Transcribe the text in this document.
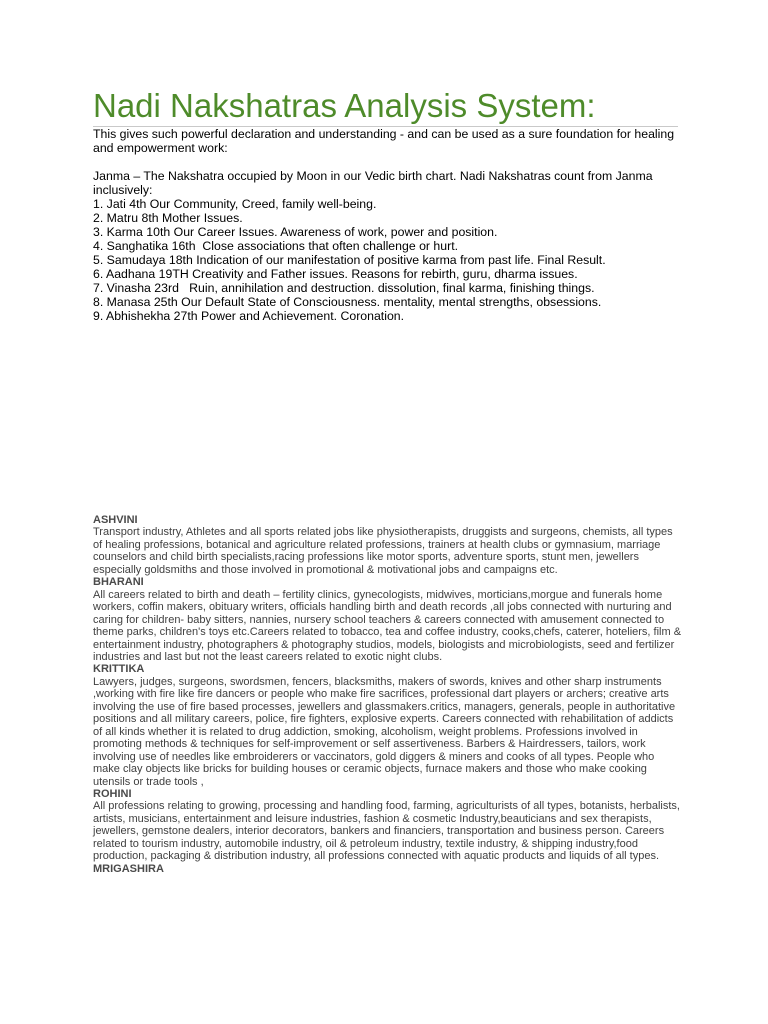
Nadi Nakshatras Analysis System:

This gives such powerful declaration and understanding - and can be used as a sure foundation for healing and empowerment work:

Janma – The Nakshatra occupied by Moon in our Vedic birth chart. Nadi Nakshatras count from Janma inclusively:

1. Jati 4th Our Community, Creed, family well-being.
2. Matru 8th Mother Issues.
3. Karma 10th Our Career Issues. Awareness of work, power and position.
4. Sanghatika 16th  Close associations that often challenge or hurt.
5. Samudaya 18th Indication of our manifestation of positive karma from past life. Final Result.
6. Aadhana 19TH Creativity and Father issues. Reasons for rebirth, guru, dharma issues.
7. Vinasha 23rd   Ruin, annihilation and destruction. dissolution, final karma, finishing things.
8. Manasa 25th Our Default State of Consciousness. mentality, mental strengths, obsessions.
9. Abhishekha 27th Power and Achievement. Coronation.

ASHVINI

Transport industry, Athletes and all sports related jobs like physiotherapists, druggists and surgeons, chemists, all types of healing professions, botanical and agriculture related professions, trainers at health clubs or gymnasium, marriage counselors and child birth specialists,racing professions like motor sports, adventure sports, stunt men, jewellers especially goldsmiths and those involved in promotional & motivational jobs and campaigns etc.

BHARANI

All careers related to birth and death – fertility clinics, gynecologists, midwives, morticians,morgue and funerals home workers, coffin makers, obituary writers, officials handling birth and death records ,all jobs connected with nurturing and caring for children- baby sitters, nannies, nursery school teachers & careers connected with amusement connected to theme parks, children's toys etc.Careers related to tobacco, tea and coffee industry, cooks,chefs, caterer, hoteliers, film & entertainment industry, photographers & photography studios, models, biologists and microbiologists, seed and fertilizer industries and last but not the least careers related to exotic night clubs.

KRITTIKA

Lawyers, judges, surgeons, swordsmen, fencers, blacksmiths, makers of swords, knives and other sharp instruments ,working with fire like fire dancers or people who make fire sacrifices, professional dart players or archers; creative arts involving the use of fire based processes, jewellers and glassmakers.critics, managers, generals, people in authoritative positions and all military careers, police, fire fighters, explosive experts. Careers connected with rehabilitation of addicts of all kinds whether it is related to drug addiction, smoking, alcoholism, weight problems. Professions involved in promoting methods & techniques for self-improvement or self assertiveness. Barbers & Hairdressers, tailors, work involving use of needles like embroiderers or vaccinators, gold diggers & miners and cooks of all types. People who make clay objects like bricks for building houses or ceramic objects, furnace makers and those who make cooking utensils or trade tools ,

ROHINI

All professions relating to growing, processing and handling food, farming, agriculturists of all types, botanists, herbalists, artists, musicians, entertainment and leisure industries, fashion & cosmetic Industry,beauticians and sex therapists, jewellers, gemstone dealers, interior decorators, bankers and financiers, transportation and business person. Careers related to tourism industry, automobile industry, oil & petroleum industry, textile industry, & shipping industry,food production, packaging & distribution industry, all professions connected with aquatic products and liquids of all types.

MRIGASHIRA
